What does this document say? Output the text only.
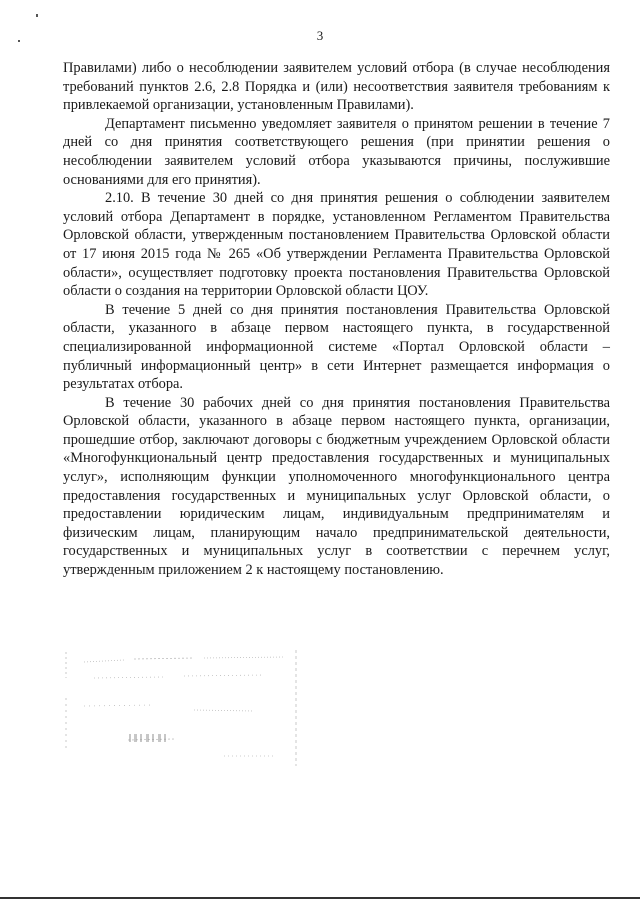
3

Правилами) либо о несоблюдении заявителем условий отбора (в случае несоблюдения требований пунктов 2.6, 2.8 Порядка и (или) несоответствия заявителя требованиям к привлекаемой организации, установленным Правилами).

Департамент письменно уведомляет заявителя о принятом решении в течение 7 дней со дня принятия соответствующего решения (при принятии решения о несоблюдении заявителем условий отбора указываются причины, послужившие основаниями для его принятия).

2.10. В течение 30 дней со дня принятия решения о соблюдении заявителем условий отбора Департамент в порядке, установленном Регламентом Правительства Орловской области, утвержденным постановлением Правительства Орловской области от 17 июня 2015 года № 265 «Об утверждении Регламента Правительства Орловской области», осуществляет подготовку проекта постановления Правительства Орловской области о создания на территории Орловской области ЦОУ.

В течение 5 дней со дня принятия постановления Правительства Орловской области, указанного в абзаце первом настоящего пункта, в государственной специализированной информационной системе «Портал Орловской области – публичный информационный центр» в сети Интернет размещается информация о результатах отбора.

В течение 30 рабочих дней со дня принятия постановления Правительства Орловской области, указанного в абзаце первом настоящего пункта, организации, прошедшие отбор, заключают договоры с бюджетным учреждением Орловской области «Многофункциональный центр предоставления государственных и муниципальных услуг», исполняющим функции уполномоченного многофункционального центра предоставления государственных и муниципальных услуг Орловской области, о предоставлении юридическим лицам, индивидуальным предпринимателям и физическим лицам, планирующим начало предпринимательской деятельности, государственных и муниципальных услуг в соответствии с перечнем услуг, утвержденным приложением 2 к настоящему постановлению.
